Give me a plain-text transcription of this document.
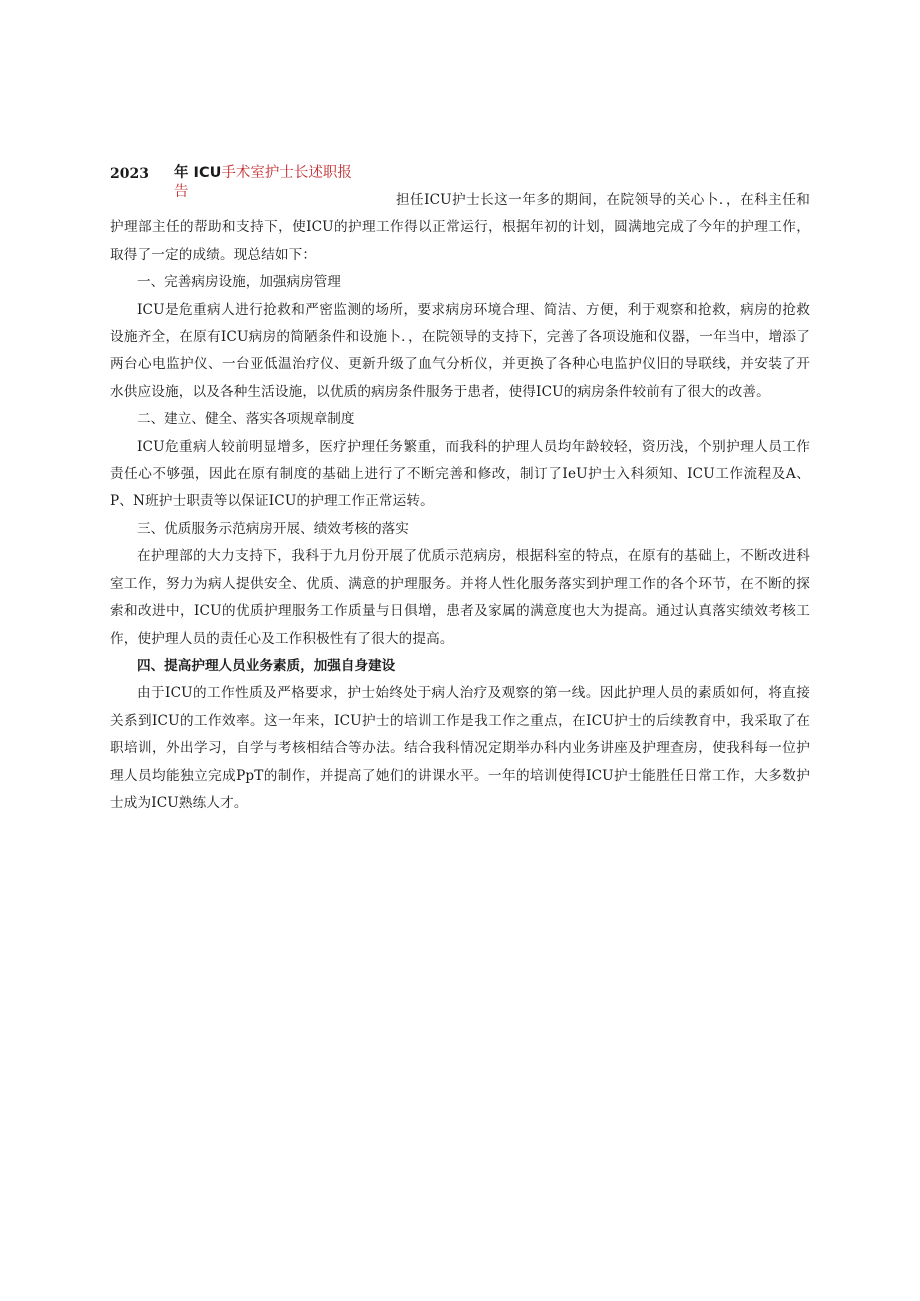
2023 年 ICU手术室护士长述职报告	担任ICU护士长这一年多的期间，在院领导的关心卜．，在科主任和护理部主任的帮助和支持下，使ICU的护理工作得以正常运行，根据年初的计划，圆满地完成了今年的护理工作，取得了一定的成绩。现总结如下：

一、完善病房设施，加强病房管理

ICU是危重病人进行抢救和严密监测的场所，要求病房环境合理、简洁、方便，利于观察和抢救，病房的抢救设施齐全，在原有ICU病房的简陋条件和设施卜．，在院领导的支持下，完善了各项设施和仪器，一年当中，增添了两台心电监护仪、一台亚低温治疗仪、更新升级了血气分析仪，并更换了各种心电监护仪旧的导联线，并安装了开水供应设施，以及各种生活设施，以优质的病房条件服务于患者，使得ICU的病房条件较前有了很大的改善。

二、建立、健全、落实各项规章制度

ICU危重病人较前明显增多，医疗护理任务繁重，而我科的护理人员均年龄较轻，资历浅，个别护理人员工作责任心不够强，因此在原有制度的基础上进行了不断完善和修改，制订了IeU护士入科须知、ICU工作流程及A、P、N班护士职责等以保证ICU的护理工作正常运转。

三、优质服务示范病房开展、绩效考核的落实

在护理部的大力支持下，我科于九月份开展了优质示范病房，根据科室的特点，在原有的基础上，不断改进科室工作，努力为病人提供安全、优质、满意的护理服务。并将人性化服务落实到护理工作的各个环节，在不断的探索和改进中，ICU的优质护理服务工作质量与日俱增，患者及家属的满意度也大为提高。通过认真落实绩效考核工作，使护理人员的责任心及工作积极性有了很大的提高。

四、提高护理人员业务素质，加强自身建设

由于ICU的工作性质及严格要求，护士始终处于病人治疗及观察的第一线。因此护理人员的素质如何，将直接关系到ICU的工作效率。这一年来，ICU护士的培训工作是我工作之重点，在ICU护士的后续教育中，我采取了在职培训，外出学习，自学与考核相结合等办法。结合我科情况定期举办科内业务讲座及护理查房，使我科每一位护理人员均能独立完成PpT的制作，并提高了她们的讲课水平。一年的培训使得ICU护士能胜任日常工作，大多数护士成为ICU熟练人才。
